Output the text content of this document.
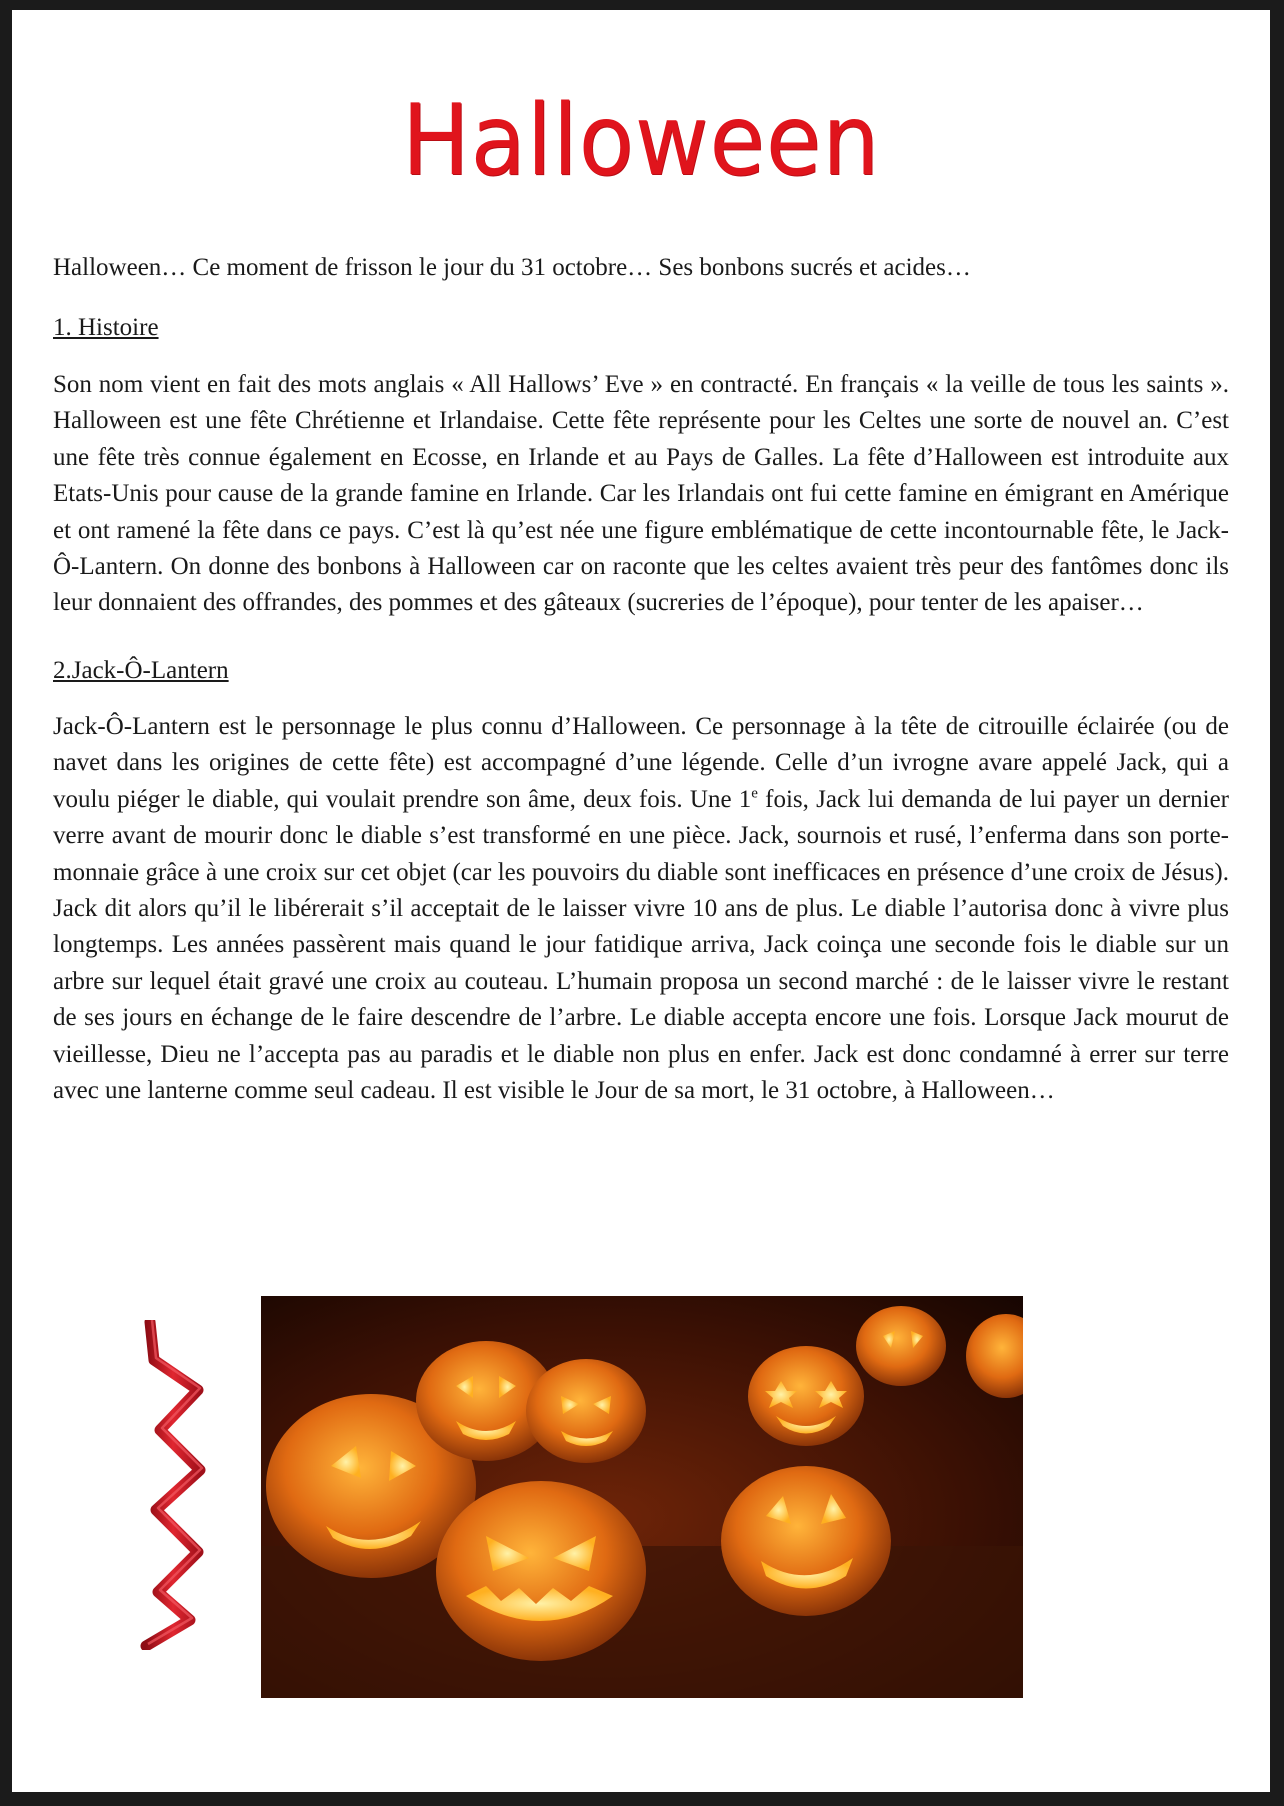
Halloween

Halloween… Ce moment de frisson le jour du 31 octobre… Ses bonbons sucrés et acides…

1. Histoire

Son nom vient en fait des mots anglais « All Hallows’ Eve » en contracté. En français « la veille de tous les saints ». Halloween est une fête Chrétienne et Irlandaise. Cette fête représente pour les Celtes une sorte de nouvel an. C’est une fête très connue également en Ecosse, en Irlande et au Pays de Galles. La fête d’Halloween est introduite aux Etats-Unis pour cause de la grande famine en Irlande. Car les Irlandais ont fui cette famine en émigrant en Amérique et ont ramené la fête dans ce pays. C’est là qu’est née une figure emblématique de cette incontournable fête, le Jack-Ô-Lantern. On donne des bonbons à Halloween car on raconte que les celtes avaient très peur des fantômes donc ils leur donnaient des offrandes, des pommes et des gâteaux (sucreries de l’époque), pour tenter de les apaiser…

2.Jack-Ô-Lantern

Jack-Ô-Lantern est le personnage le plus connu d’Halloween. Ce personnage à la tête de citrouille éclairée (ou de navet dans les origines de cette fête) est accompagné d’une légende. Celle d’un ivrogne avare appelé Jack, qui a voulu piéger le diable, qui voulait prendre son âme, deux fois. Une 1e fois, Jack lui demanda de lui payer un dernier verre avant de mourir donc le diable s’est transformé en une pièce. Jack, sournois et rusé, l’enferma dans son porte-monnaie grâce à une croix sur cet objet (car les pouvoirs du diable sont inefficaces en présence d’une croix de Jésus). Jack dit alors qu’il le libérerait s’il acceptait de le laisser vivre 10 ans de plus. Le diable l’autorisa donc à vivre plus longtemps. Les années passèrent mais quand le jour fatidique arriva, Jack coinça une seconde fois le diable sur un arbre sur lequel était gravé une croix au couteau. L’humain proposa un second marché : de le laisser vivre le restant de ses jours en échange de le faire descendre de l’arbre. Le diable accepta encore une fois. Lorsque Jack mourut de vieillesse, Dieu ne l’accepta pas au paradis et le diable non plus en enfer. Jack est donc condamné à errer sur terre avec une lanterne comme seul cadeau. Il est visible le Jour de sa mort, le 31 octobre, à Halloween…
